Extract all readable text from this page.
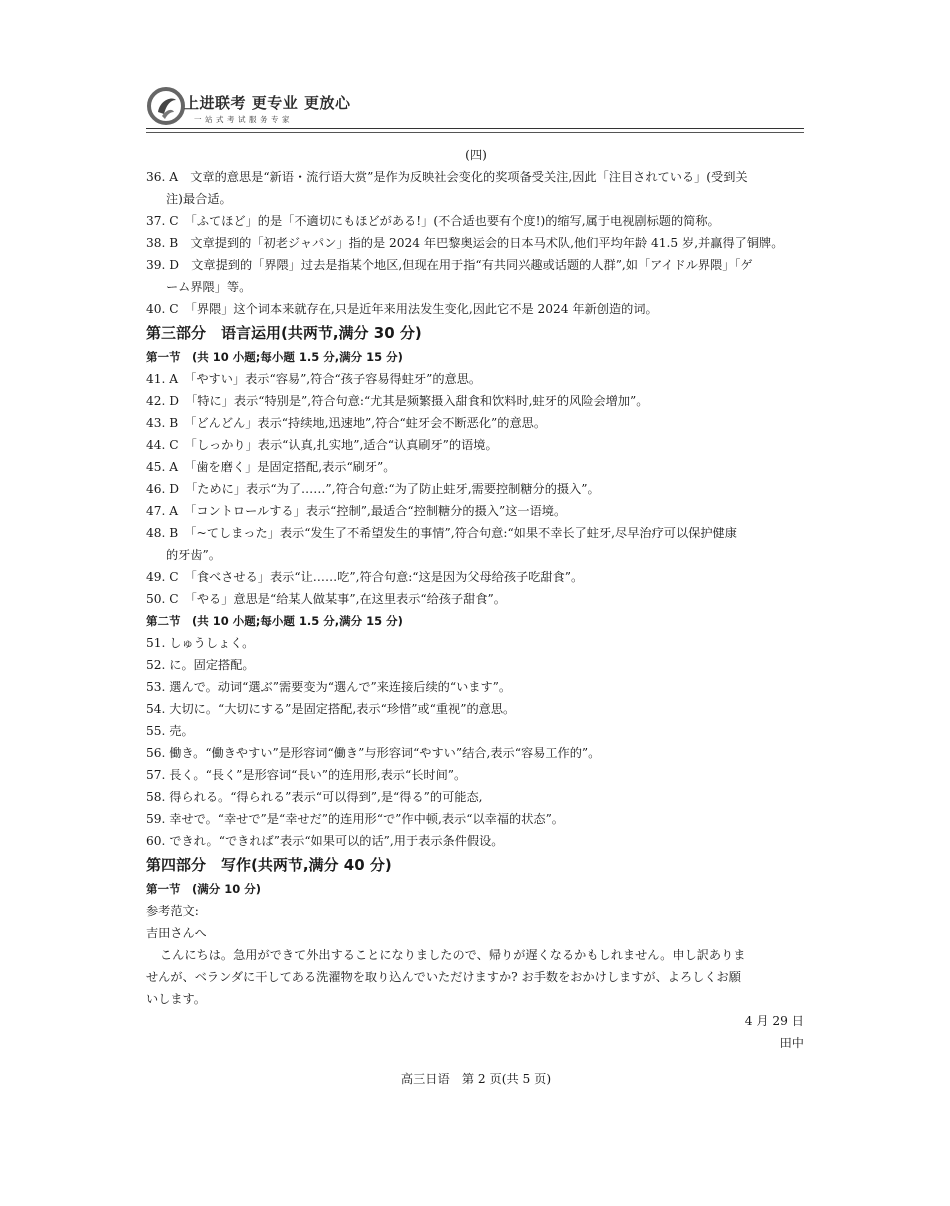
上进联考 更专业 更放心
一站式考试服务专家
(四)
36. A　文章的意思是“新语・流行语大赏”是作为反映社会变化的奖项备受关注,因此「注目されている」(受到关
注)最合适。
37. C　「ふてほど」的是「不適切にもほどがある!」(不合适也要有个度!)的缩写,属于电视剧标题的简称。
38. B　文章提到的「初老ジャパン」指的是 2024 年巴黎奥运会的日本马术队,他们平均年龄 41.5 岁,并赢得了铜牌。
39. D　文章提到的「界隈」过去是指某个地区,但现在用于指“有共同兴趣或话题的人群”,如「アイドル界隈」「ゲ
ーム界隈」等。
40. C　「界隈」这个词本来就存在,只是近年来用法发生变化,因此它不是 2024 年新创造的词。
第三部分　语言运用(共两节,满分 30 分)
第一节　(共 10 小题;每小题 1.5 分,满分 15 分)
41. A　「やすい」表示“容易”,符合“孩子容易得蛀牙”的意思。
42. D　「特に」表示“特别是”,符合句意:“尤其是频繁摄入甜食和饮料时,蛀牙的风险会增加”。
43. B　「どんどん」表示“持续地,迅速地”,符合“蛀牙会不断恶化”的意思。
44. C　「しっかり」表示“认真,扎实地”,适合“认真刷牙”的语境。
45. A　「歯を磨く」是固定搭配,表示“刷牙”。
46. D　「ために」表示“为了……”,符合句意:“为了防止蛀牙,需要控制糖分的摄入”。
47. A　「コントロールする」表示“控制”,最适合“控制糖分的摄入”这一语境。
48. B　「~てしまった」表示“发生了不希望发生的事情”,符合句意:“如果不幸长了蛀牙,尽早治疗可以保护健康
的牙齿”。
49. C　「食べさせる」表示“让……吃”,符合句意:“这是因为父母给孩子吃甜食”。
50. C　「やる」意思是“给某人做某事”,在这里表示“给孩子甜食”。
第二节　(共 10 小题;每小题 1.5 分,满分 15 分)
51. しゅうしょく。
52. に。固定搭配。
53. 選んで。动词“選ぶ”需要变为“選んで”来连接后续的“います”。
54. 大切に。“大切にする”是固定搭配,表示“珍惜”或“重视”的意思。
55. 売。
56. 働き。“働きやすい”是形容词“働き”与形容词“やすい”结合,表示“容易工作的”。
57. 長く。“長く”是形容词“長い”的连用形,表示“长时间”。
58. 得られる。“得られる”表示“可以得到”,是“得る”的可能态,
59. 幸せで。“幸せで”是“幸せだ”的连用形“で”作中顿,表示“以幸福的状态”。
60. できれ。“できれば”表示“如果可以的话”,用于表示条件假设。
第四部分　写作(共两节,满分 40 分)
第一节　(满分 10 分)
参考范文:
吉田さんへ
こんにちは。急用ができて外出することになりましたので、帰りが遅くなるかもしれません。申し訳ありま
せんが、ベランダに干してある洗濯物を取り込んでいただけますか? お手数をおかけしますが、よろしくお願
いします。
4 月 29 日
田中
高三日语　第 2 页(共 5 页)
